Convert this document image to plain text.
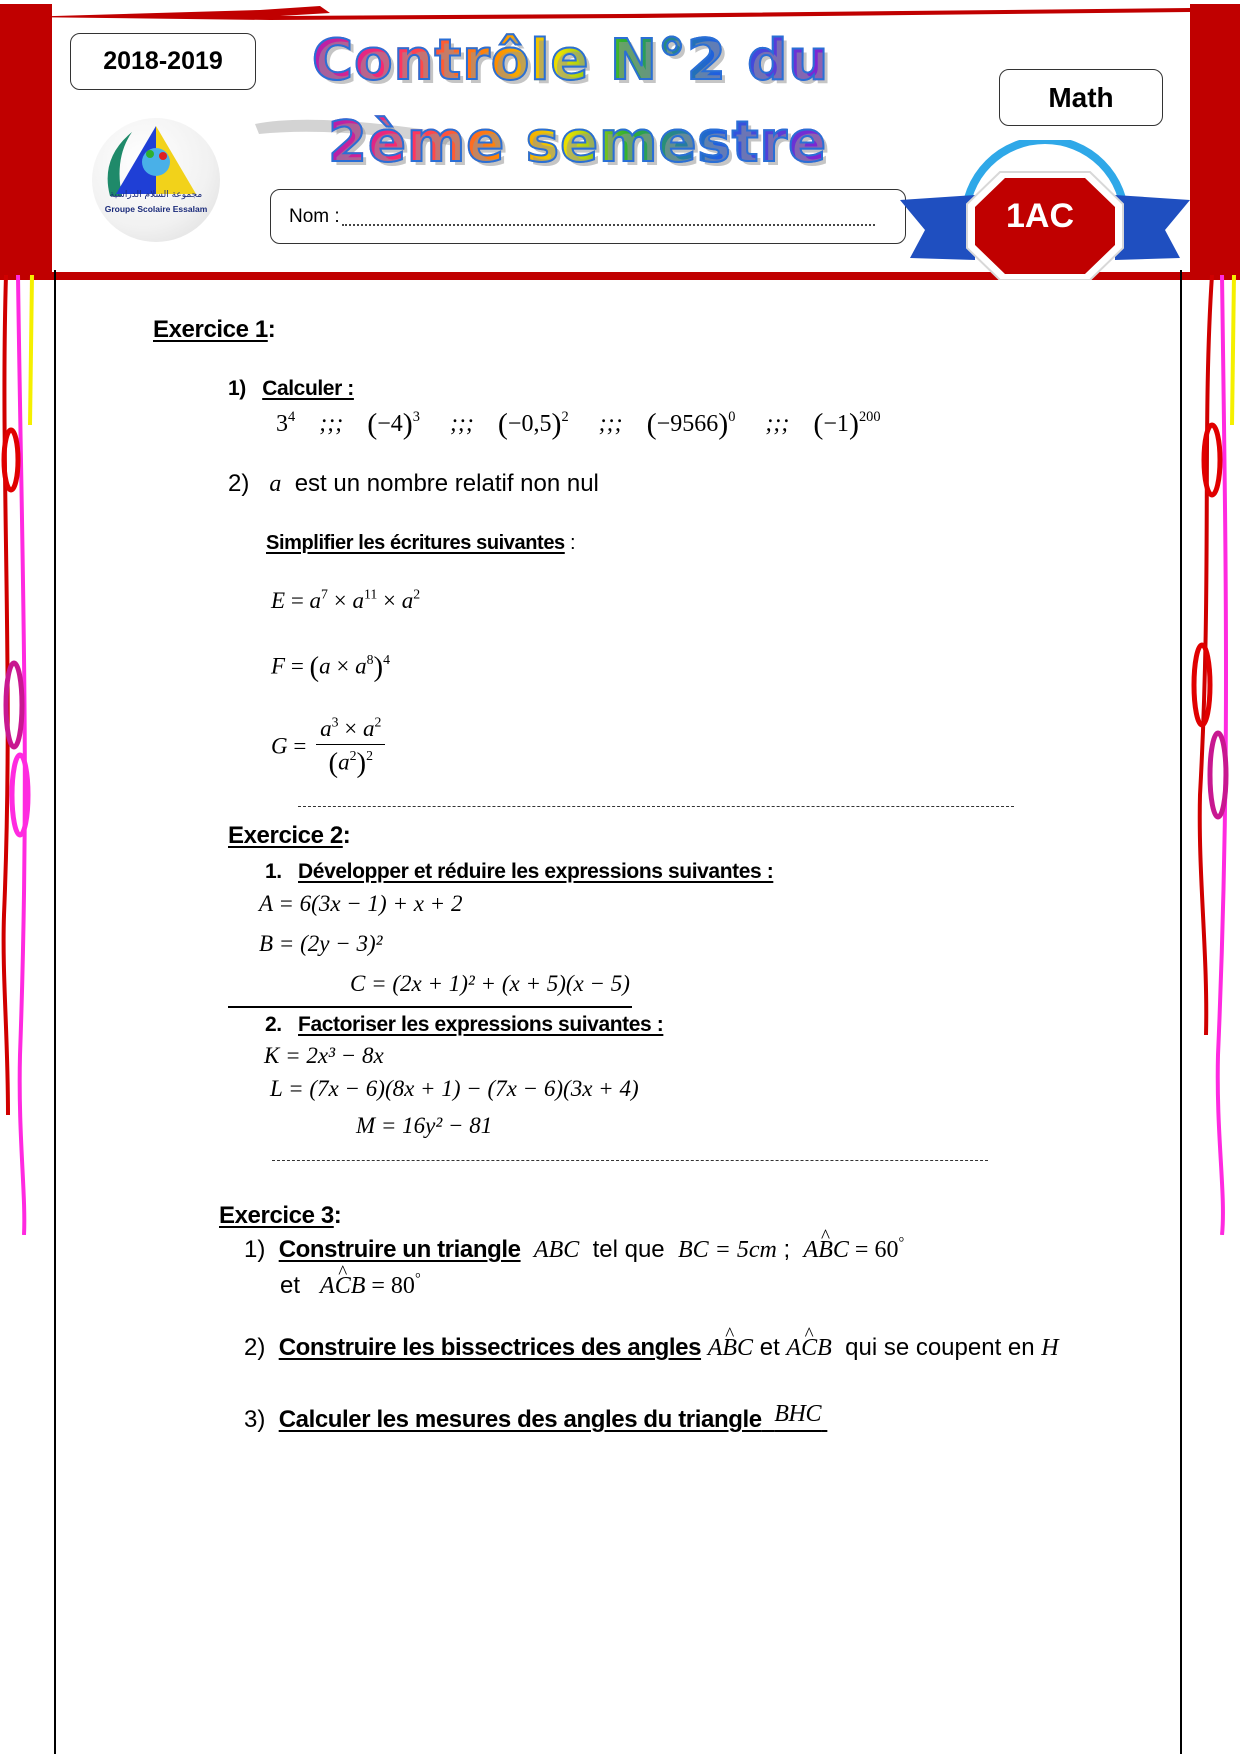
2018-2019 Contrôle N°2 du
2ème semestre
Math
مجموعة السلام الدراسية
Groupe Scolaire Essalam	Nom :	1AC
Exercice 1:
1) Calculer :
$3^4$ ;;; $(-4)^3$ ;;; $(-0,5)^2$ ;;; $(-9566)^0$ ;;; $(-1)^{200}$
2) a est un nombre relatif non nul
Simplifier les écritures suivantes :
$E = a^7 \times a^{11} \times a^2$
$F = (a \times a^8)^4$
$G = \frac{a^3 \times a^2}{(a^2)^2}$
Exercice 2:
1. Développer et réduire les expressions suivantes :
A = 6(3x − 1) + x + 2
B = (2y − 3)²
C = (2x + 1)² + (x + 5)(x − 5)
2. Factoriser les expressions suivantes :
K = 2x³ − 8x
L = (7x − 6)(8x + 1) − (7x − 6)(3x + 4)
M = 16y² − 81
Exercice 3:
1) Construire un triangle ABC tel que BC = 5cm ; A^ BC = 60°
et A^ CB = 80°
2) Construire les bissectrices des angles A^ BC et A^ CB qui se coupent en H
3) Calculer les mesures des angles du triangle BHC
